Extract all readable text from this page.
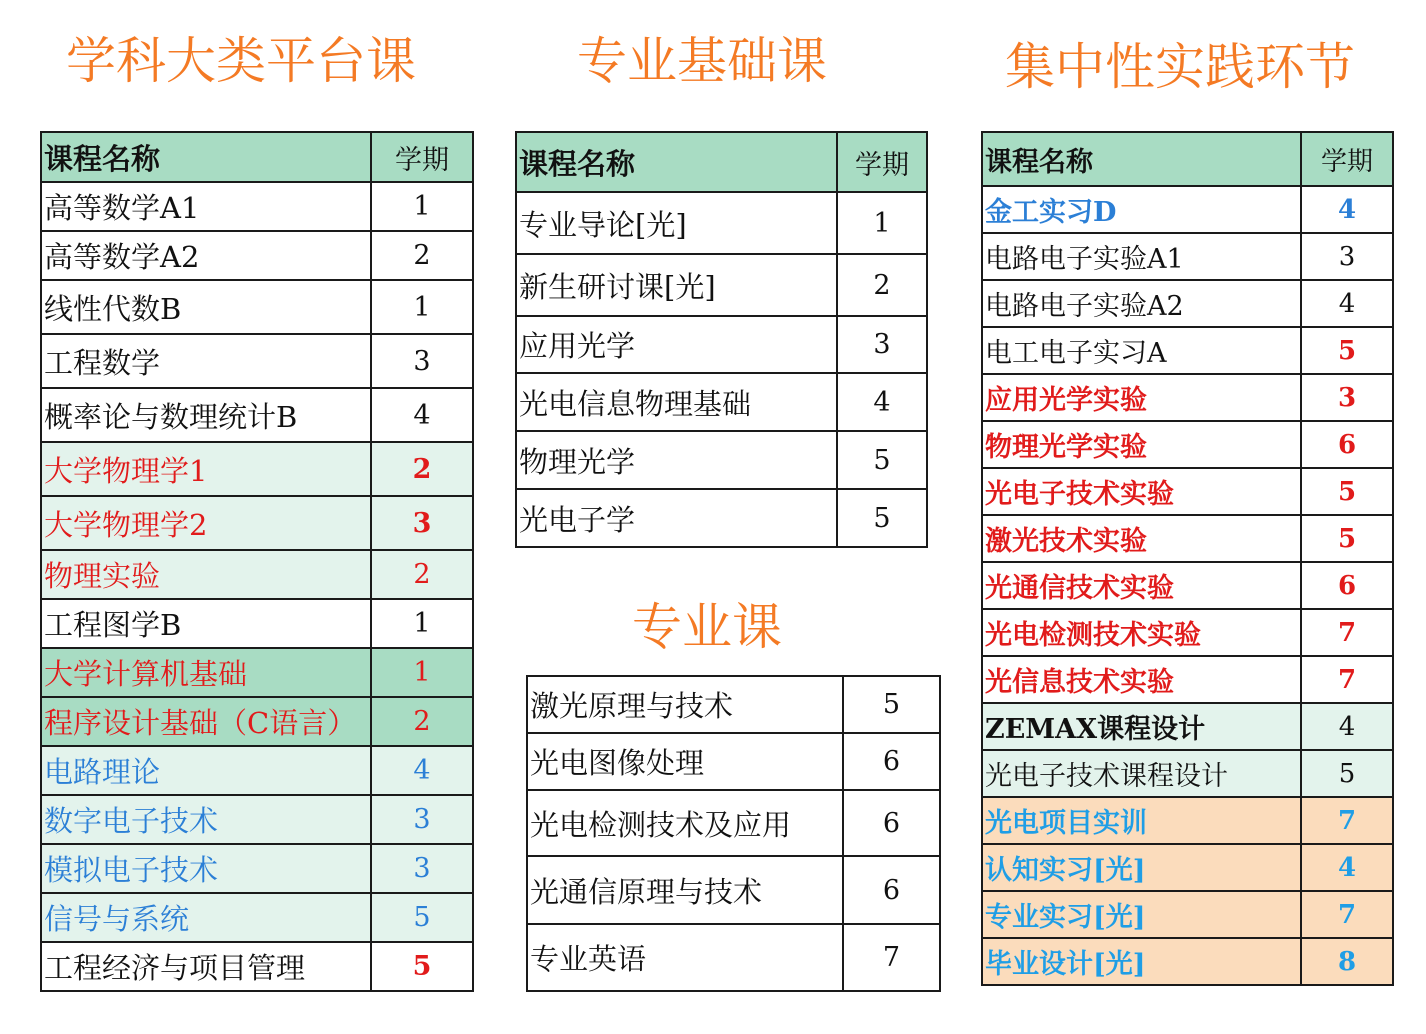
学科大类平台课	专业基础课	集中性实践环节
专业课
课程名称	学期
高等数学A1	1
高等数学A2	2
线性代数B	1
工程数学	3
概率论与数理统计B	4
大学物理学1	2
大学物理学2	3
物理实验	2
工程图学B	1
大学计算机基础	1
程序设计基础（C语言）	2
电路理论	4
数字电子技术	3
模拟电子技术	3
信号与系统	5
工程经济与项目管理	5
课程名称	学期
专业导论[光]	1
新生研讨课[光]	2
应用光学	3
光电信息物理基础	4
物理光学	5
光电子学	5
激光原理与技术	5
光电图像处理	6
光电检测技术及应用	6
光通信原理与技术	6
专业英语	7
课程名称	学期
金工实习D	4
电路电子实验A1	3
电路电子实验A2	4
电工电子实习A	5
应用光学实验	3
物理光学实验	6
光电子技术实验	5
激光技术实验	5
光通信技术实验	6
光电检测技术实验	7
光信息技术实验	7
ZEMAX课程设计	4
光电子技术课程设计	5
光电项目实训	7
认知实习[光]	4
专业实习[光]	7
毕业设计[光]	8
